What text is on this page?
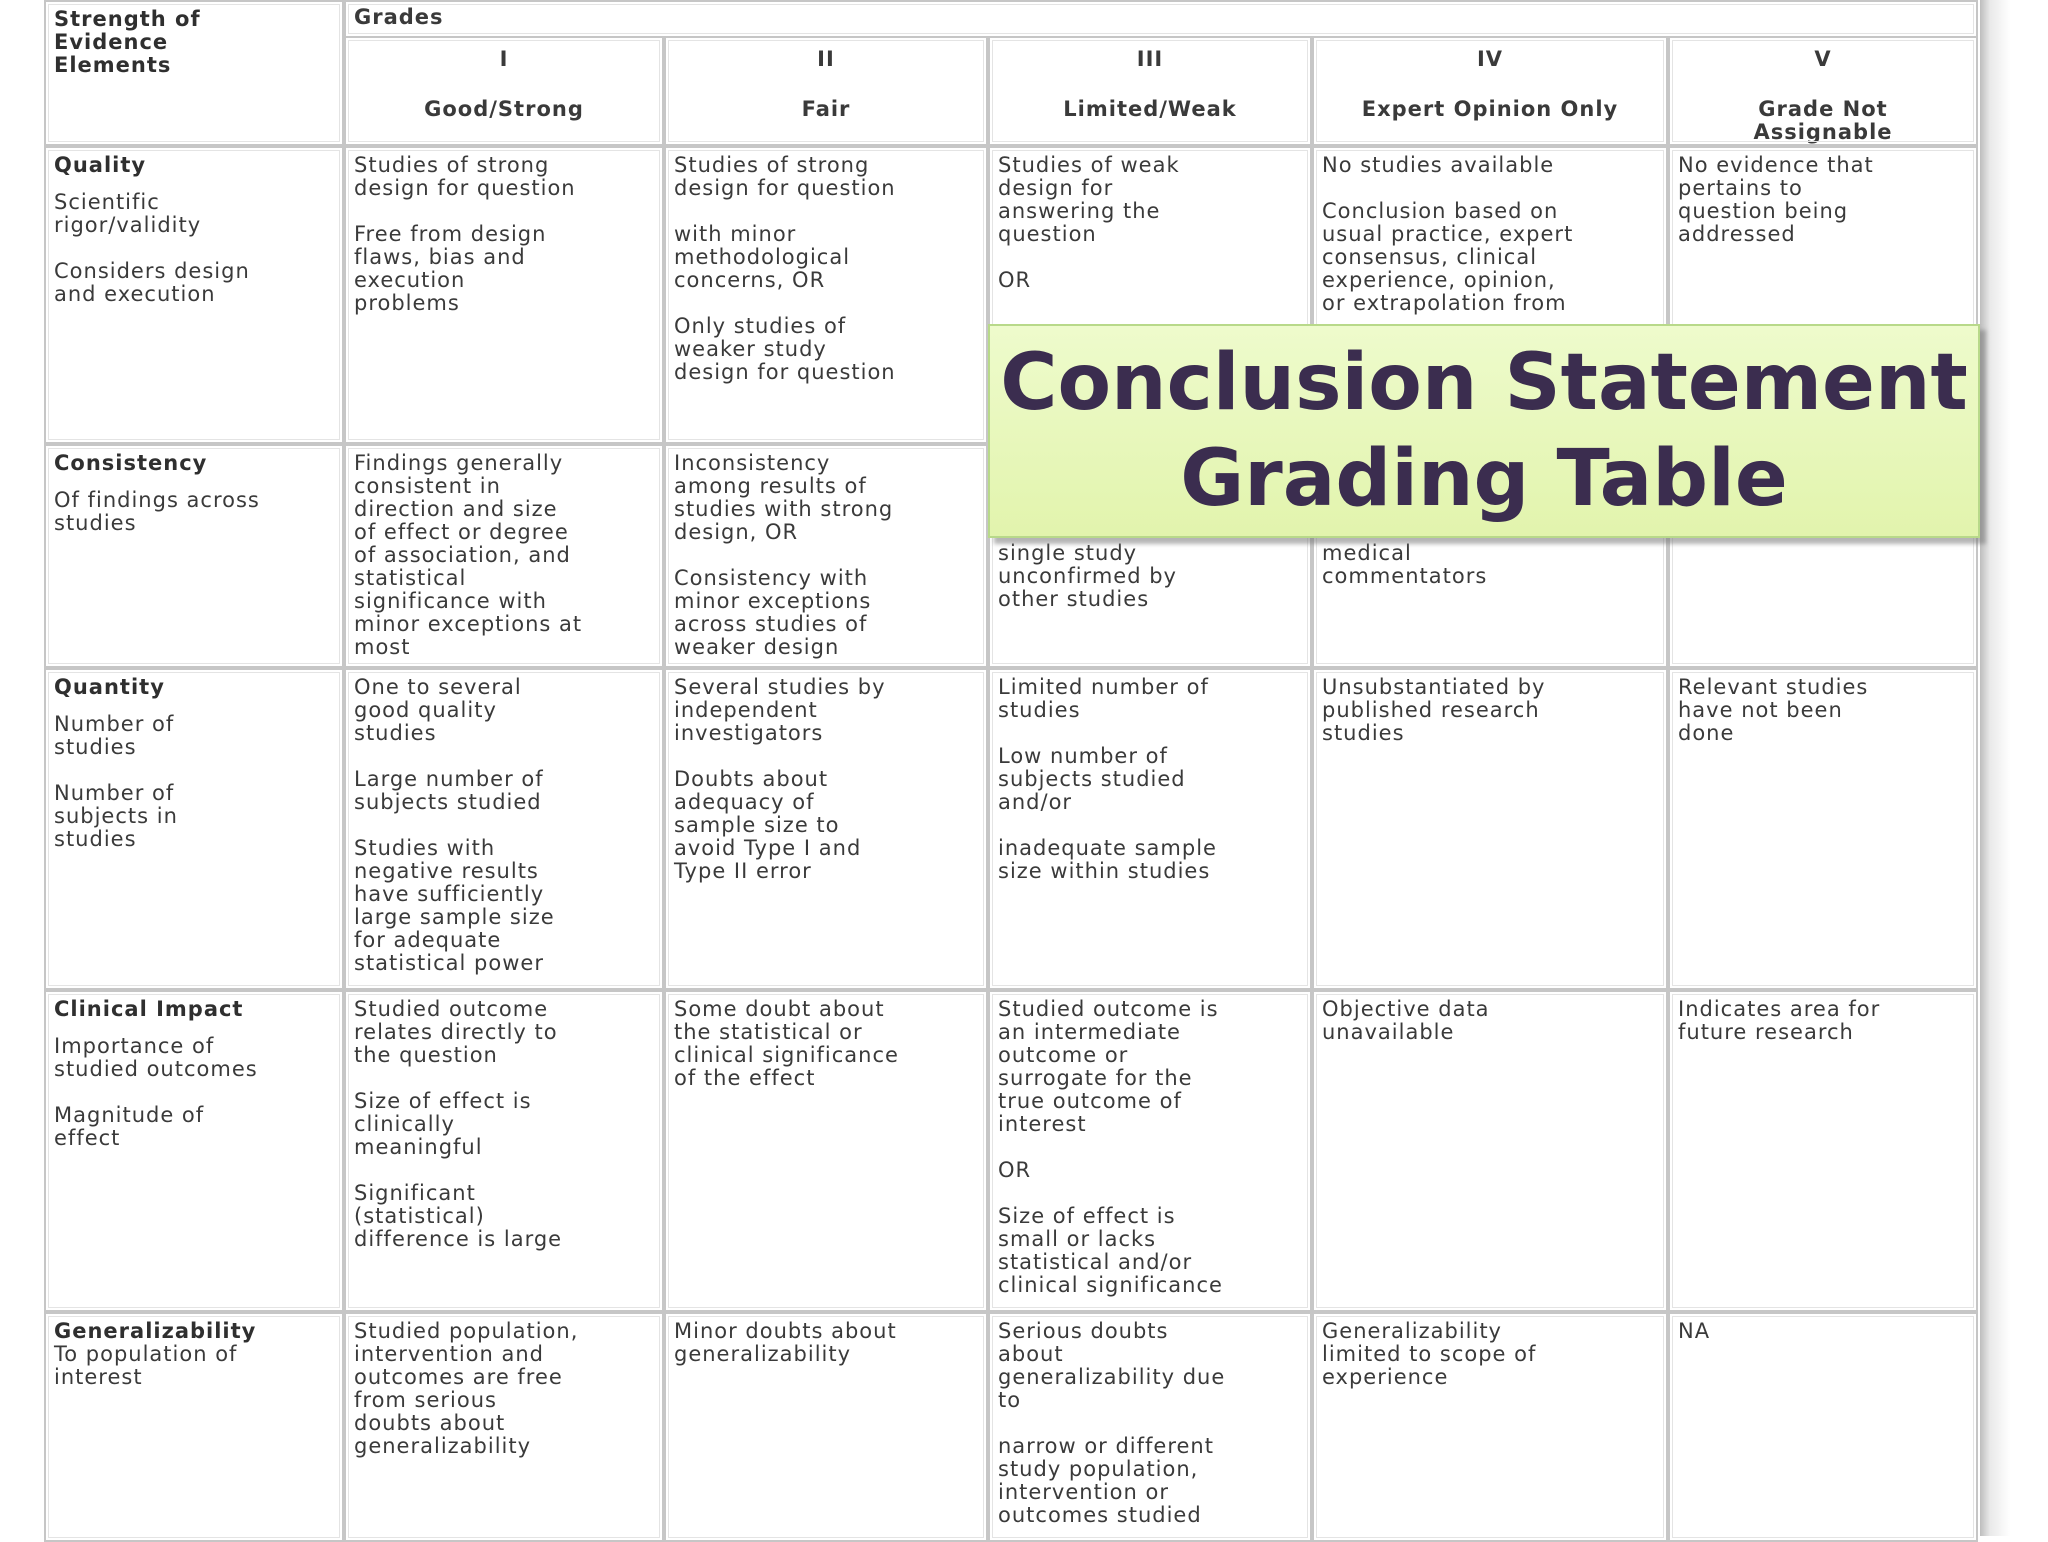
Strength of
Evidence
Elements

Grades

I
Good/Strong
II
Fair
III
Limited/Weak
IV
Expert Opinion Only
V
Grade Not
Assignable

Quality

Scientific
rigor/validity

Considers design
and execution

Studies of strong
design for question

Free from design
flaws, bias and
execution
problems

Studies of strong
design for question

with minor
methodological
concerns, OR

Only studies of
weaker study
design for question

Studies of weak
design for
answering the
question

OR

No studies available

Conclusion based on
usual practice, expert
consensus, clinical
experience, opinion,
or extrapolation from

No evidence that
pertains to
question being
addressed

Consistency

Of findings across
studies

Findings generally
consistent in
direction and size
of effect or degree
of association, and
statistical
significance with
minor exceptions at
most

Inconsistency
among results of
studies with strong
design, OR

Consistency with
minor exceptions
across studies of
weaker design

single study
unconfirmed by
other studies

medical
commentators

Quantity

Number of
studies

Number of
subjects in
studies

One to several
good quality
studies

Large number of
subjects studied

Studies with
negative results
have sufficiently
large sample size
for adequate
statistical power

Several studies by
independent
investigators

Doubts about
adequacy of
sample size to
avoid Type I and
Type II error

Limited number of
studies

Low number of
subjects studied
and/or

inadequate sample
size within studies

Unsubstantiated by
published research
studies

Relevant studies
have not been
done

Clinical Impact

Importance of
studied outcomes

Magnitude of
effect

Studied outcome
relates directly to
the question

Size of effect is
clinically
meaningful

Significant
(statistical)
difference is large

Some doubt about
the statistical or
clinical significance
of the effect

Studied outcome is
an intermediate
outcome or
surrogate for the
true outcome of
interest

OR

Size of effect is
small or lacks
statistical and/or
clinical significance

Objective data
unavailable

Indicates area for
future research

Generalizability

To population of
interest

Studied population,
intervention and
outcomes are free
from serious
doubts about
generalizability

Minor doubts about
generalizability

Serious doubts
about
generalizability due
to

narrow or different
study population,
intervention or
outcomes studied

Generalizability
limited to scope of
experience

NA

Conclusion Statement
Grading Table
